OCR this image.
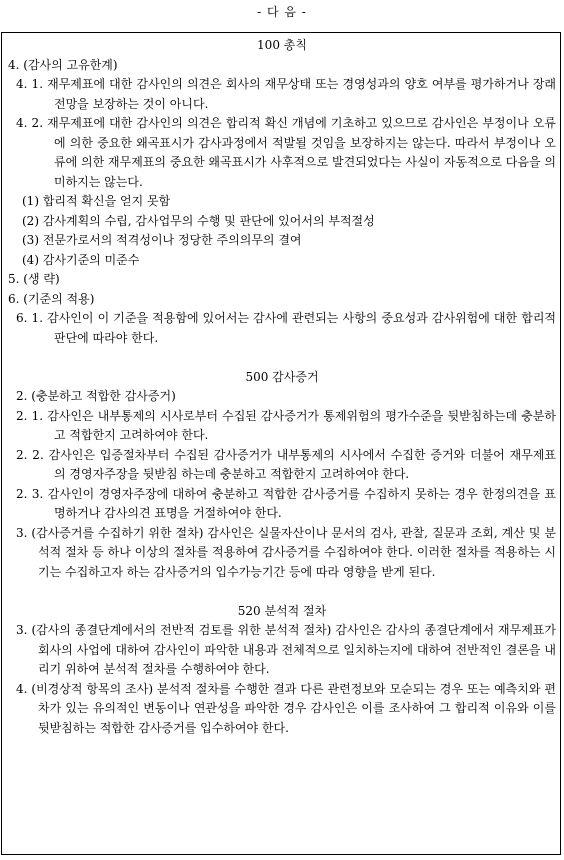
- 다 음 -
100 총칙

4. (감사의 고유한계)

4. 1. 재무제표에 대한 감사인의 의견은 회사의 재무상태 또는 경영성과의 양호 여부를 평가하거나 장래 전망을 보장하는 것이 아니다.

4. 2. 재무제표에 대한 감사인의 의견은 합리적 확신 개념에 기초하고 있으므로 감사인은 부정이나 오류에 의한 중요한 왜곡표시가 감사과정에서 적발될 것임을 보장하지는 않는다. 따라서 부정이나 오류에 의한 재무제표의 중요한 왜곡표시가 사후적으로 발견되었다는 사실이 자동적으로 다음을 의미하지는 않는다.

(1) 합리적 확신을 얻지 못함

(2) 감사계획의 수립, 감사업무의 수행 및 판단에 있어서의 부적절성

(3) 전문가로서의 적격성이나 정당한 주의의무의 결여

(4) 감사기준의 미준수

5. (생 략)

6. (기준의 적용)

6. 1. 감사인이 이 기준을 적용함에 있어서는 감사에 관련되는 사항의 중요성과 감사위험에 대한 합리적 판단에 따라야 한다.

500 감사증거

2. (충분하고 적합한 감사증거)

2. 1. 감사인은 내부통제의 시사로부터 수집된 감사증거가 통제위험의 평가수준을 뒷받침하는데 충분하고 적합한지 고려하여야 한다.

2. 2. 감사인은 입증절차부터 수집된 감사증거가 내부통제의 시사에서 수집한 증거와 더불어 재무제표의 경영자주장을 뒷받침 하는데 충분하고 적합한지 고려하여야 한다.

2. 3. 감사인이 경영자주장에 대하여 충분하고 적합한 감사증거를 수집하지 못하는 경우 한정의견을 표명하거나 감사의견 표명을 거절하여야 한다.

3. (감사증거를 수집하기 위한 절차) 감사인은 실물자산이나 문서의 검사, 관찰, 질문과 조회, 계산 및 분석적 절차 등 하나 이상의 절차를 적용하여 감사증거를 수집하여야 한다. 이러한 절차를 적용하는 시기는 수집하고자 하는 감사증거의 입수가능기간 등에 따라 영향을 받게 된다.

520 분석적 절차

3. (감사의 종결단계에서의 전반적 검토를 위한 분석적 절차) 감사인은 감사의 종결단계에서 재무제표가 회사의 사업에 대하여 감사인이 파악한 내용과 전체적으로 일치하는지에 대하여 전반적인 결론을 내리기 위하여 분석적 절차를 수행하여야 한다.

4. (비경상적 항목의 조사) 분석적 절차를 수행한 결과 다른 관련정보와 모순되는 경우 또는 예측치와 편차가 있는 유의적인 변동이나 연관성을 파악한 경우 감사인은 이를 조사하여 그 합리적 이유와 이를 뒷받침하는 적합한 감사증거를 입수하여야 한다.
